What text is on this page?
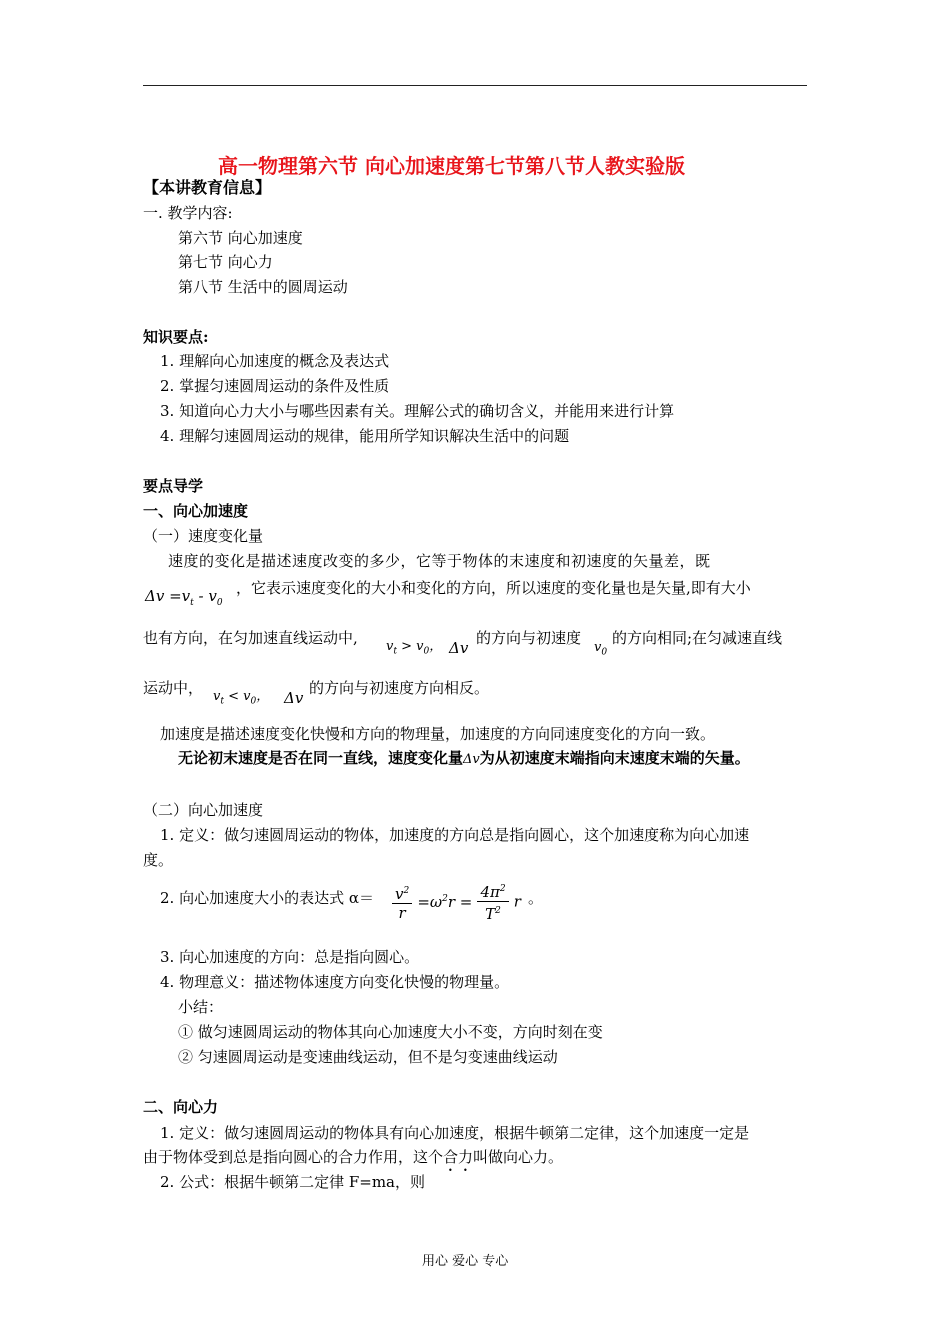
高一物理第六节 向心加速度第七节第八节人教实验版
【本讲教育信息】
一. 教学内容:
第六节 向心加速度
第七节 向心力
第八节 生活中的圆周运动
知识要点:
1. 理解向心加速度的概念及表达式
2. 掌握匀速圆周运动的条件及性质
3. 知道向心力大小与哪些因素有关。理解公式的确切含义，并能用来进行计算
4. 理解匀速圆周运动的规律，能用所学知识解决生活中的问题
要点导学
一、向心加速度
（一）速度变化量
速度的变化是描述速度改变的多少，它等于物体的末速度和初速度的矢量差，既
$\Delta v =v_t - v_0$
，它表示速度变化的大小和变化的方向，所以速度的变化量也是矢量,即有大小
也有方向，在匀加速直线运动中, $v_t > v_0$， Δv
的方向与初速度
$v_0$
的方向相同;在匀减速直线
运动中， $v_t < v_0$， Δv
的方向与初速度方向相反。
加速度是描述速度变化快慢和方向的物理量，加速度的方向同速度变化的方向一致。
无论初末速度是否在同一直线，速度变化量Δv为从初速度末端指向末速度末端的矢量。
（二）向心加速度
1. 定义：做匀速圆周运动的物体，加速度的方向总是指向圆心，这个加速度称为向心加速
度。
2. 向心加速度大小的表达式 $\alpha= \frac{v^2}{r} =\omega^2r = \frac{4\pi^2}{T^2}$ r 。
3. 向心加速度的方向：总是指向圆心。
4. 物理意义：描述物体速度方向变化快慢的物理量。
小结：
① 做匀速圆周运动的物体其向心加速度大小不变，方向时刻在变
② 匀速圆周运动是变速曲线运动，但不是匀变速曲线运动
二、向心力
1. 定义：做匀速圆周运动的物体具有向心加速度，根据牛顿第二定律，这个加速度一定是
由于物体受到总是指向圆心的合力作用，这个合力叫做向心力。
2. 公式：根据牛顿第二定律 F=ma，则
用心 爱心 专心
